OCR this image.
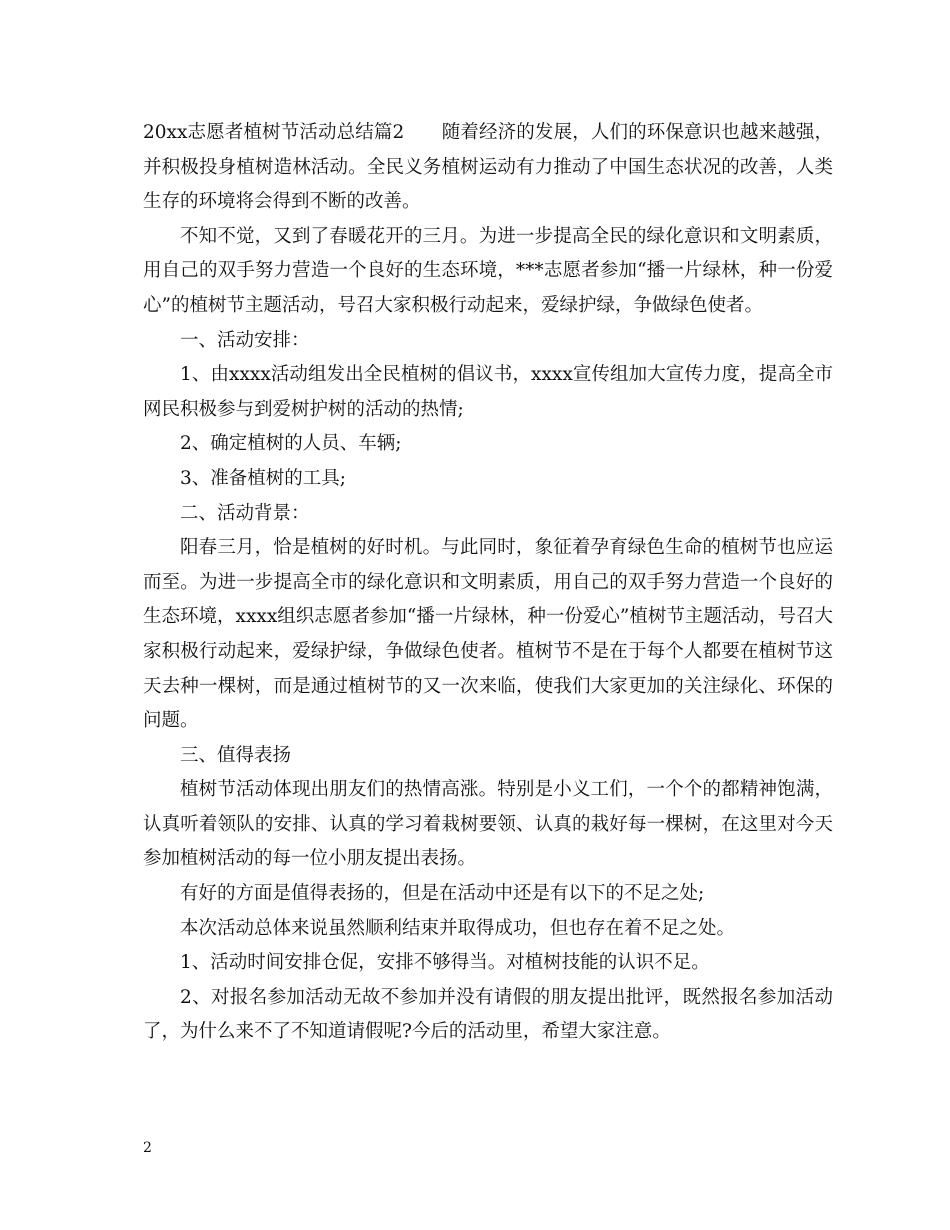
20xx志愿者植树节活动总结篇2　　随着经济的发展，人们的环保意识也越来越强，并积极投身植树造林活动。全民义务植树运动有力推动了中国生态状况的改善，人类生存的环境将会得到不断的改善。

不知不觉，又到了春暖花开的三月。为进一步提高全民的绿化意识和文明素质，用自己的双手努力营造一个良好的生态环境，***志愿者参加“播一片绿林，种一份爱心”的植树节主题活动，号召大家积极行动起来，爱绿护绿，争做绿色使者。

一、活动安排：

1、由xxxx活动组发出全民植树的倡议书，xxxx宣传组加大宣传力度，提高全市网民积极参与到爱树护树的活动的热情;

2、确定植树的人员、车辆;

3、准备植树的工具;

二、活动背景：

阳春三月，恰是植树的好时机。与此同时，象征着孕育绿色生命的植树节也应运而至。为进一步提高全市的绿化意识和文明素质，用自己的双手努力营造一个良好的生态环境，xxxx组织志愿者参加“播一片绿林，种一份爱心”植树节主题活动，号召大家积极行动起来，爱绿护绿，争做绿色使者。植树节不是在于每个人都要在植树节这天去种一棵树，而是通过植树节的又一次来临，使我们大家更加的关注绿化、环保的问题。

三、值得表扬

植树节活动体现出朋友们的热情高涨。特别是小义工们，一个个的都精神饱满，认真听着领队的安排、认真的学习着栽树要领、认真的栽好每一棵树，在这里对今天参加植树活动的每一位小朋友提出表扬。

有好的方面是值得表扬的，但是在活动中还是有以下的不足之处;

本次活动总体来说虽然顺利结束并取得成功，但也存在着不足之处。

1、活动时间安排仓促，安排不够得当。对植树技能的认识不足。

2、对报名参加活动无故不参加并没有请假的朋友提出批评，既然报名参加活动了，为什么来不了不知道请假呢?今后的活动里，希望大家注意。

2
